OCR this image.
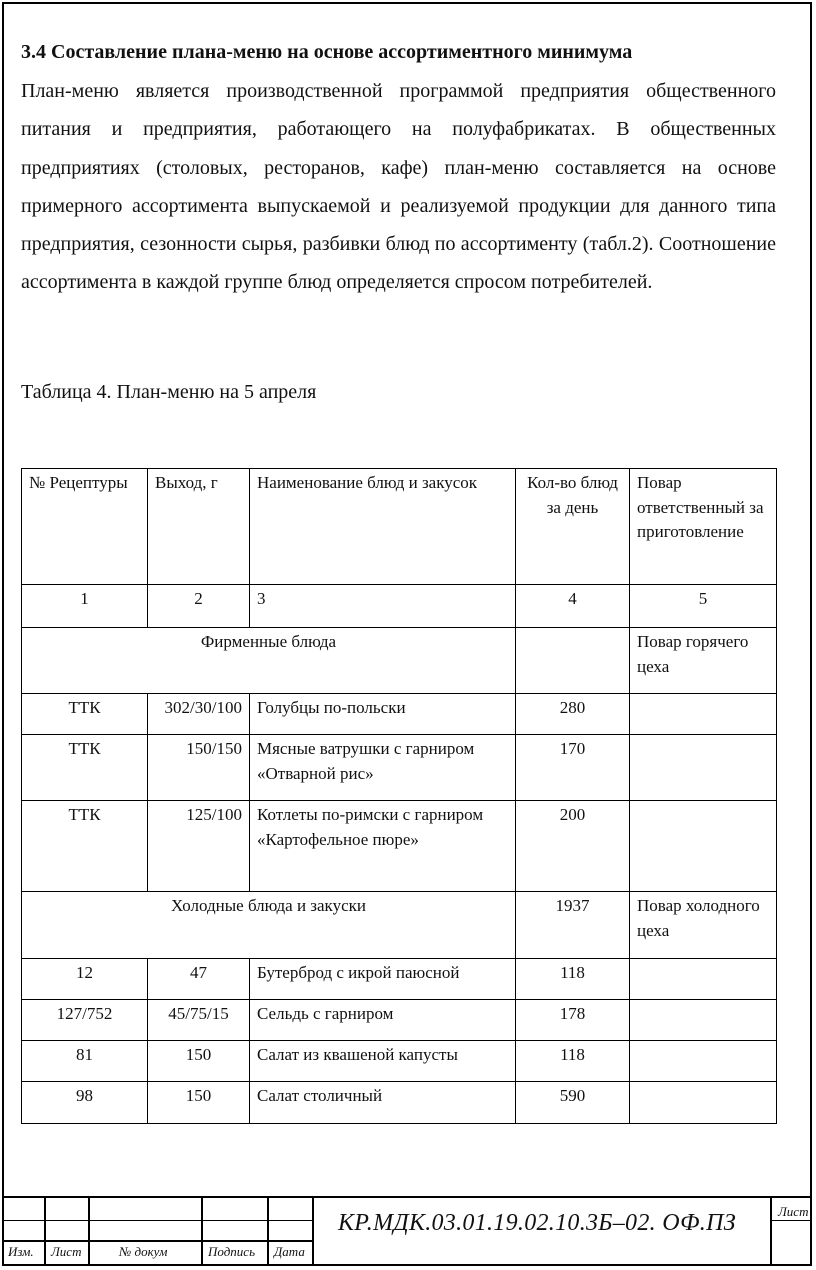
3.4 Составление плана-меню на основе ассортиментного минимума
План-меню является производственной программой предприятия общественного питания и предприятия, работающего на полуфабрикатах. В общественных предприятиях (столовых, ресторанов, кафе) план-меню составляется на основе примерного ассортимента выпускаемой и реализуемой продукции для данного типа предприятия, сезонности сырья, разбивки блюд по ассортименту (табл.2). Соотношение ассортимента в каждой группе блюд определяется спросом потребителей.
Таблица 4. План-меню на 5 апреля
№ Рецептуры	Выход, г	Наименование блюд и закусок	Кол-во блюд за день	Повар ответственный за приготовление
1	2	3	4	5
Фирменные блюда				Повар горячего цеха
ТТК	302/30/100	Голубцы по-польски	280	
ТТК	150/150	Мясные ватрушки с гарниром «Отварной рис»	170	
ТТК	125/100	Котлеты по-римски с гарниром «Картофельное пюре»	200	
Холодные блюда и закуски			1937	Повар холодного цеха
12	47	Бутерброд с икрой паюсной	118	
127/752	45/75/15	Сельдь с гарниром	178	
81	150	Салат из квашеной капусты	118	
98	150	Салат столичный	590	
Изм. Лист	№ докум	Подпись Дата
КР.МДК.03.01.19.02.10.3Б–02. ОФ.ПЗ	Лист
